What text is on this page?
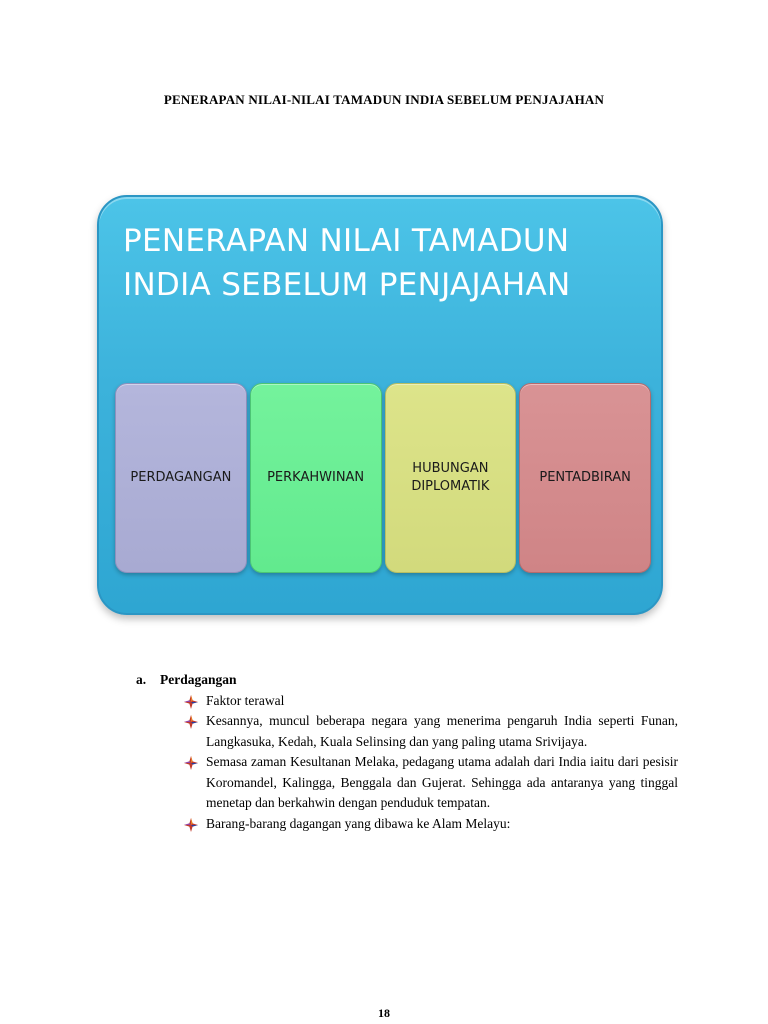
PENERAPAN NILAI-NILAI TAMADUN INDIA SEBELUM PENJAJAHAN
PENERAPAN NILAI TAMADUN
INDIA SEBELUM PENJAJAHAN
PERDAGANGAN	PERKAHWINAN
HUBUNGAN
DIPLOMATIK
PENTADBIRAN
a. Perdagangan
Faktor terawal
Kesannya, muncul beberapa negara yang menerima pengaruh India seperti Funan, Langkasuka, Kedah, Kuala Selinsing dan yang paling utama Srivijaya.
Semasa zaman Kesultanan Melaka, pedagang utama adalah dari India iaitu dari pesisir Koromandel, Kalingga, Benggala dan Gujerat. Sehingga ada antaranya yang tinggal menetap dan berkahwin dengan penduduk tempatan.
Barang-barang dagangan yang dibawa ke Alam Melayu:
18
